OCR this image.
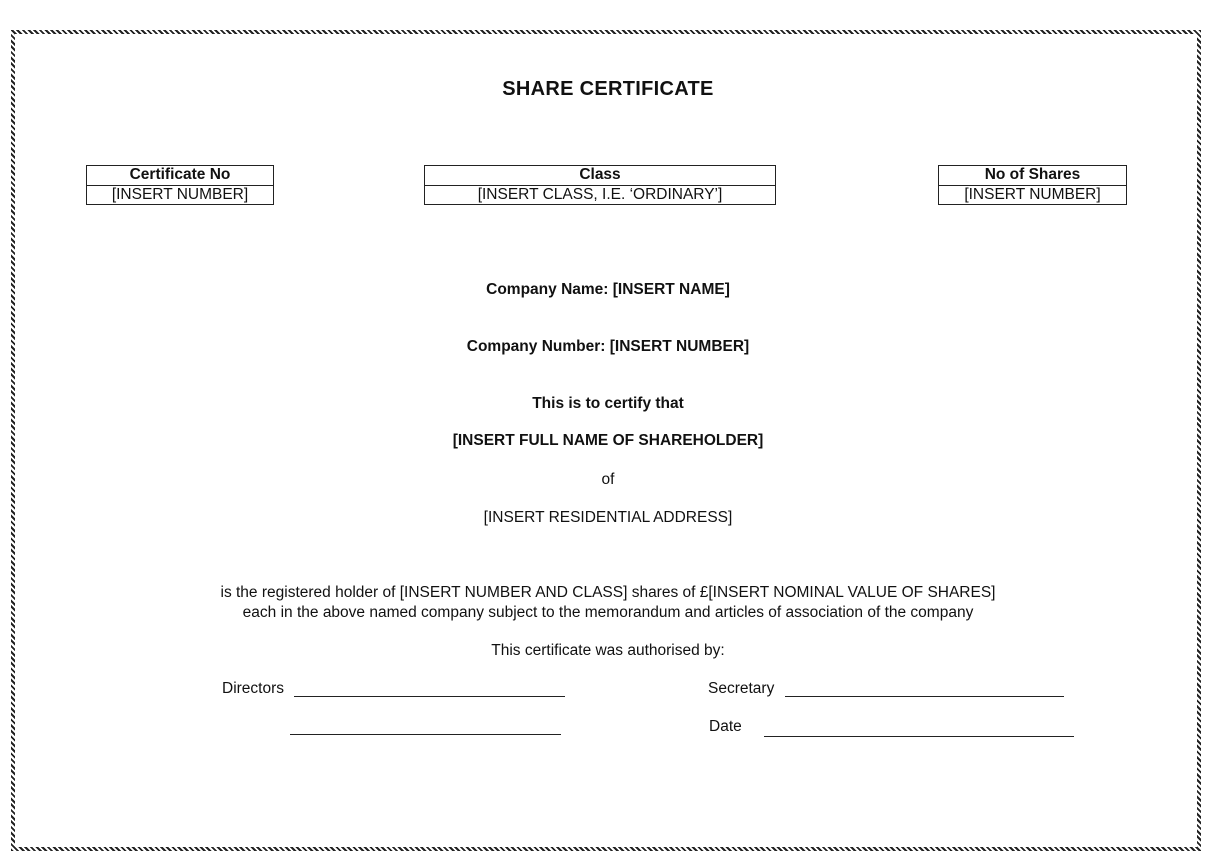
SHARE CERTIFICATE
Certificate No
[INSERT NUMBER]
Class
[INSERT CLASS, I.E. ‘ORDINARY’]
No of Shares
[INSERT NUMBER]
Company Name: [INSERT NAME]
Company Number: [INSERT NUMBER]
This is to certify that
[INSERT FULL NAME OF SHAREHOLDER]
of
[INSERT RESIDENTIAL ADDRESS]
is the registered holder of [INSERT NUMBER AND CLASS] shares of £[INSERT NOMINAL VALUE OF SHARES]
each in the above named company subject to the memorandum and articles of association of the company
This certificate was authorised by:
Directors	Secretary
Date
